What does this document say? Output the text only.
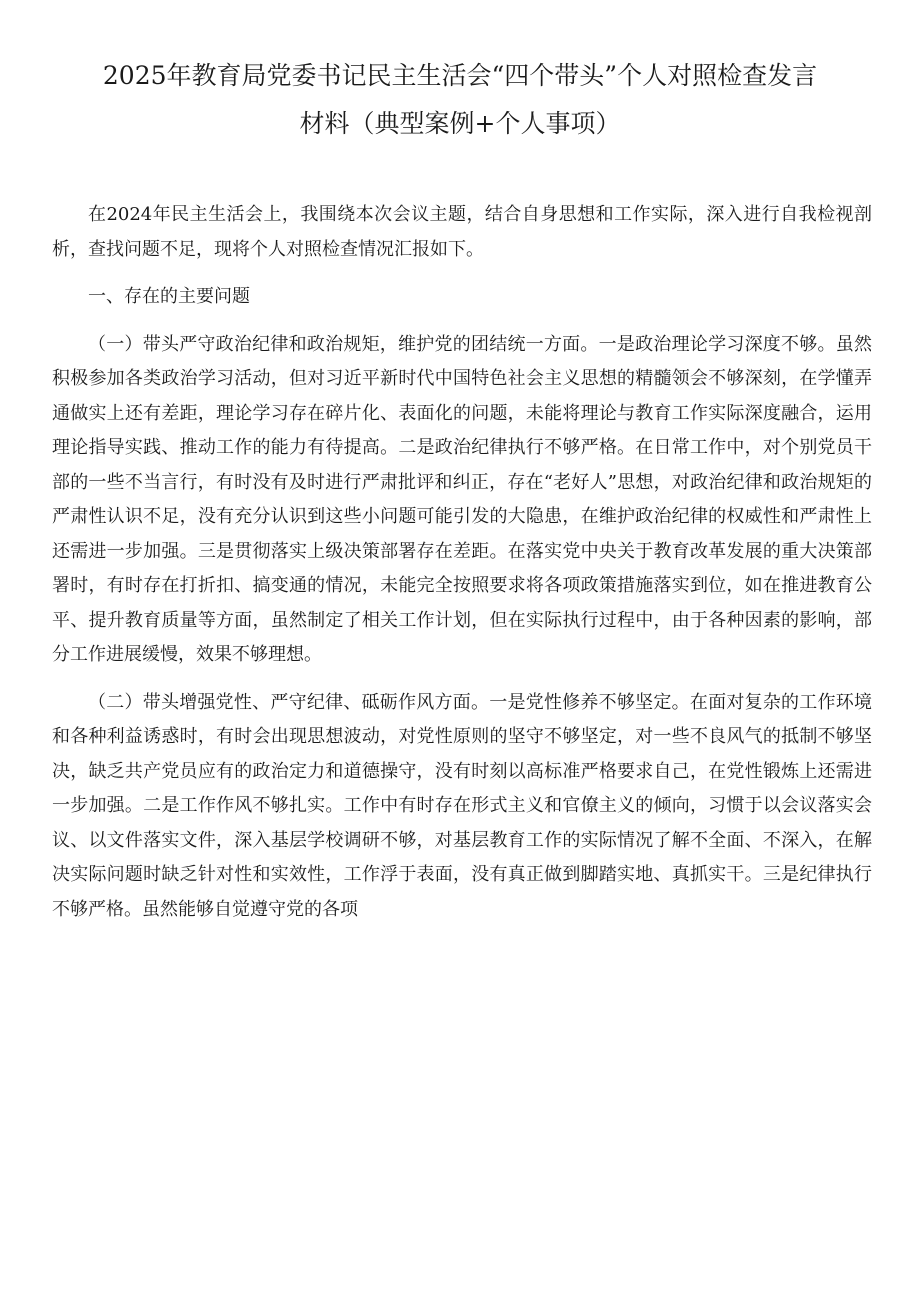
2025年教育局党委书记民主生活会“四个带头”个人对照检查发言
材料（典型案例+个人事项）

在2024年民主生活会上，我围绕本次会议主题，结合自身思想和工作实际，深入进行自我检视剖析，查找问题不足，现将个人对照检查情况汇报如下。

一、存在的主要问题

（一）带头严守政治纪律和政治规矩，维护党的团结统一方面。一是政治理论学习深度不够。虽然积极参加各类政治学习活动，但对习近平新时代中国特色社会主义思想的精髓领会不够深刻，在学懂弄通做实上还有差距，理论学习存在碎片化、表面化的问题，未能将理论与教育工作实际深度融合，运用理论指导实践、推动工作的能力有待提高。二是政治纪律执行不够严格。在日常工作中，对个别党员干部的一些不当言行，有时没有及时进行严肃批评和纠正，存在“老好人”思想，对政治纪律和政治规矩的严肃性认识不足，没有充分认识到这些小问题可能引发的大隐患，在维护政治纪律的权威性和严肃性上还需进一步加强。三是贯彻落实上级决策部署存在差距。在落实党中央关于教育改革发展的重大决策部署时，有时存在打折扣、搞变通的情况，未能完全按照要求将各项政策措施落实到位，如在推进教育公平、提升教育质量等方面，虽然制定了相关工作计划，但在实际执行过程中，由于各种因素的影响，部分工作进展缓慢，效果不够理想。

（二）带头增强党性、严守纪律、砥砺作风方面。一是党性修养不够坚定。在面对复杂的工作环境和各种利益诱惑时，有时会出现思想波动，对党性原则的坚守不够坚定，对一些不良风气的抵制不够坚决，缺乏共产党员应有的政治定力和道德操守，没有时刻以高标准严格要求自己，在党性锻炼上还需进一步加强。二是工作作风不够扎实。工作中有时存在形式主义和官僚主义的倾向，习惯于以会议落实会议、以文件落实文件，深入基层学校调研不够，对基层教育工作的实际情况了解不全面、不深入，在解决实际问题时缺乏针对性和实效性，工作浮于表面，没有真正做到脚踏实地、真抓实干。三是纪律执行不够严格。虽然能够自觉遵守党的各项
